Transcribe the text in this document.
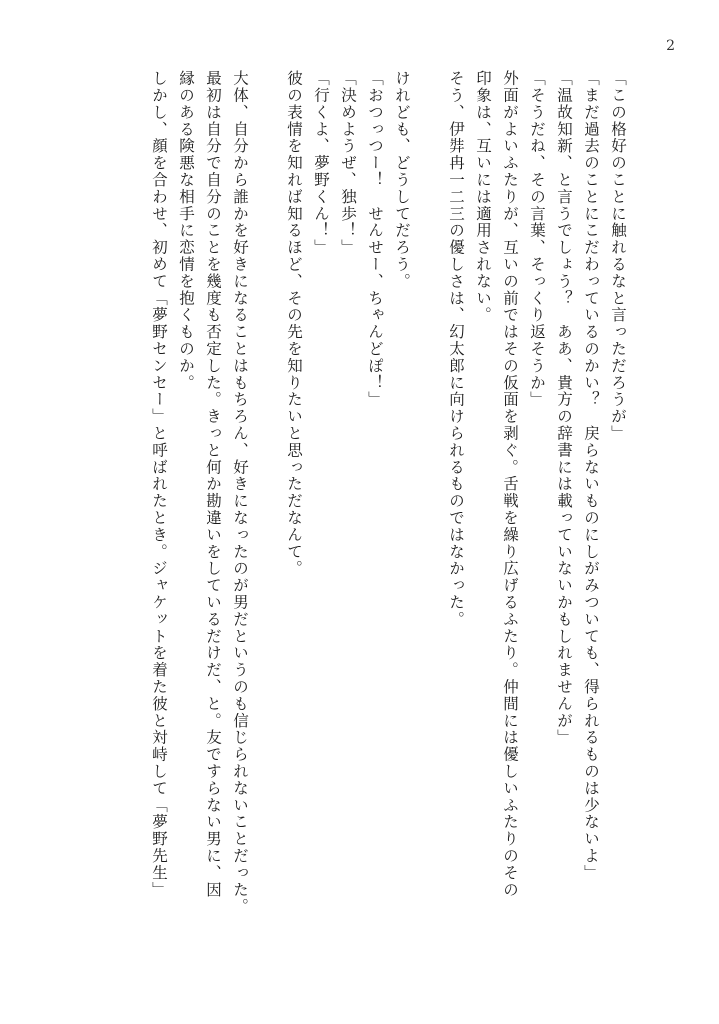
2

「この格好のことに触れるなと言っただろうが」

「まだ過去のことにこだわっているのかい？　戻らないものにしがみついても、得られるものは少ないよ」

「温故知新、と言うでしょう？　ああ、貴方の辞書には載っていないかもしれませんが」

「そうだね、その言葉、そっくり返そうか」

外面がよいふたりが、互いの前ではその仮面を剥ぐ。舌戦を繰り広げるふたり。仲間には優しいふたりのその

印象は、互いには適用されない。

そう、伊弉冉一二三の優しさは、幻太郎に向けられるものではなかった。

けれども、どうしてだろう。

「おつっつー！　せんせー、ちゃんどぽ！」

「決めようぜ、独歩！」

「行くよ、夢野くん！」

彼の表情を知れば知るほど、その先を知りたいと思っただなんて。

大体、自分から誰かを好きになることはもちろん、好きになったのが男だというのも信じられないことだった。

最初は自分で自分のことを幾度も否定した。きっと何か勘違いをしているだけだ、と。友ですらない男に、因

縁のある険悪な相手に恋情を抱くものか。

しかし、顔を合わせ、初めて「夢野センセー」と呼ばれたとき。ジャケットを着た彼と対峙して「夢野先生」
